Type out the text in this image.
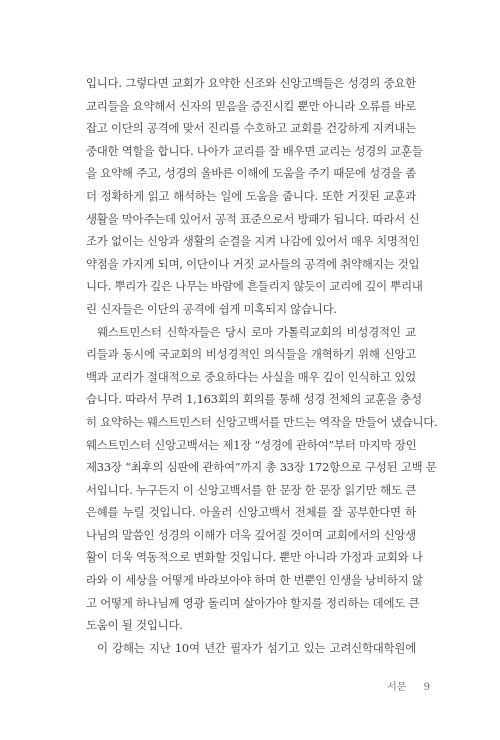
입니다. 그렇다면 교회가 요약한 신조와 신앙고백들은 성경의 중요한
교리들을 요약해서 신자의 믿음을 증진시킬 뿐만 아니라 오류를 바로
잡고 이단의 공격에 맞서 진리를 수호하고 교회를 건강하게 지켜내는
중대한 역할을 합니다. 나아가 교리를 잘 배우면 교리는 성경의 교훈들
을 요약해 주고, 성경의 올바른 이해에 도움을 주기 때문에 성경을 좀
더 정확하게 읽고 해석하는 일에 도움을 줍니다. 또한 거짓된 교훈과
생활을 막아주는데 있어서 공적 표준으로서 방패가 됩니다. 따라서 신
조가 없이는 신앙과 생활의 순결을 지켜 나감에 있어서 매우 치명적인
약점을 가지게 되며, 이단이나 거짓 교사들의 공격에 취약해지는 것입
니다. 뿌리가 깊은 나무는 바람에 흔들리지 않듯이 교리에 깊이 뿌리내
린 신자들은 이단의 공격에 쉽게 미혹되지 않습니다.
웨스트민스터 신학자들은 당시 로마 가톨릭교회의 비성경적인 교
리들과 동시에 국교회의 비성경적인 의식들을 개혁하기 위해 신앙고
백과 교리가 절대적으로 중요하다는 사실을 매우 깊이 인식하고 있었
습니다. 따라서 무려 1,163회의 회의를 통해 성경 전체의 교훈을 충성
히 요약하는 웨스트민스터 신앙고백서를 만드는 역작을 만들어 냈습니다.
웨스트민스터 신앙고백서는 제1장 “성경에 관하여”부터 마지막 장인
제33장 “최후의 심판에 관하여”까지 총 33장 172항으로 구성된 고백 문
서입니다. 누구든지 이 신앙고백서를 한 문장 한 문장 읽기만 해도 큰
은혜를 누릴 것입니다. 아울러 신앙고백서 전체를 잘 공부한다면 하
나님의 말씀인 성경의 이해가 더욱 깊어질 것이며 교회에서의 신앙생
활이 더욱 역동적으로 변화할 것입니다. 뿐만 아니라 가정과 교회와 나
라와 이 세상을 어떻게 바라보아야 하며 한 번뿐인 인생을 낭비하지 않
고 어떻게 하나님께 영광 돌리며 살아가야 할지를 정리하는 데에도 큰
도움이 될 것입니다.
이 강해는 지난 10여 년간 필자가 섬기고 있는 고려신학대학원에
서문 9
